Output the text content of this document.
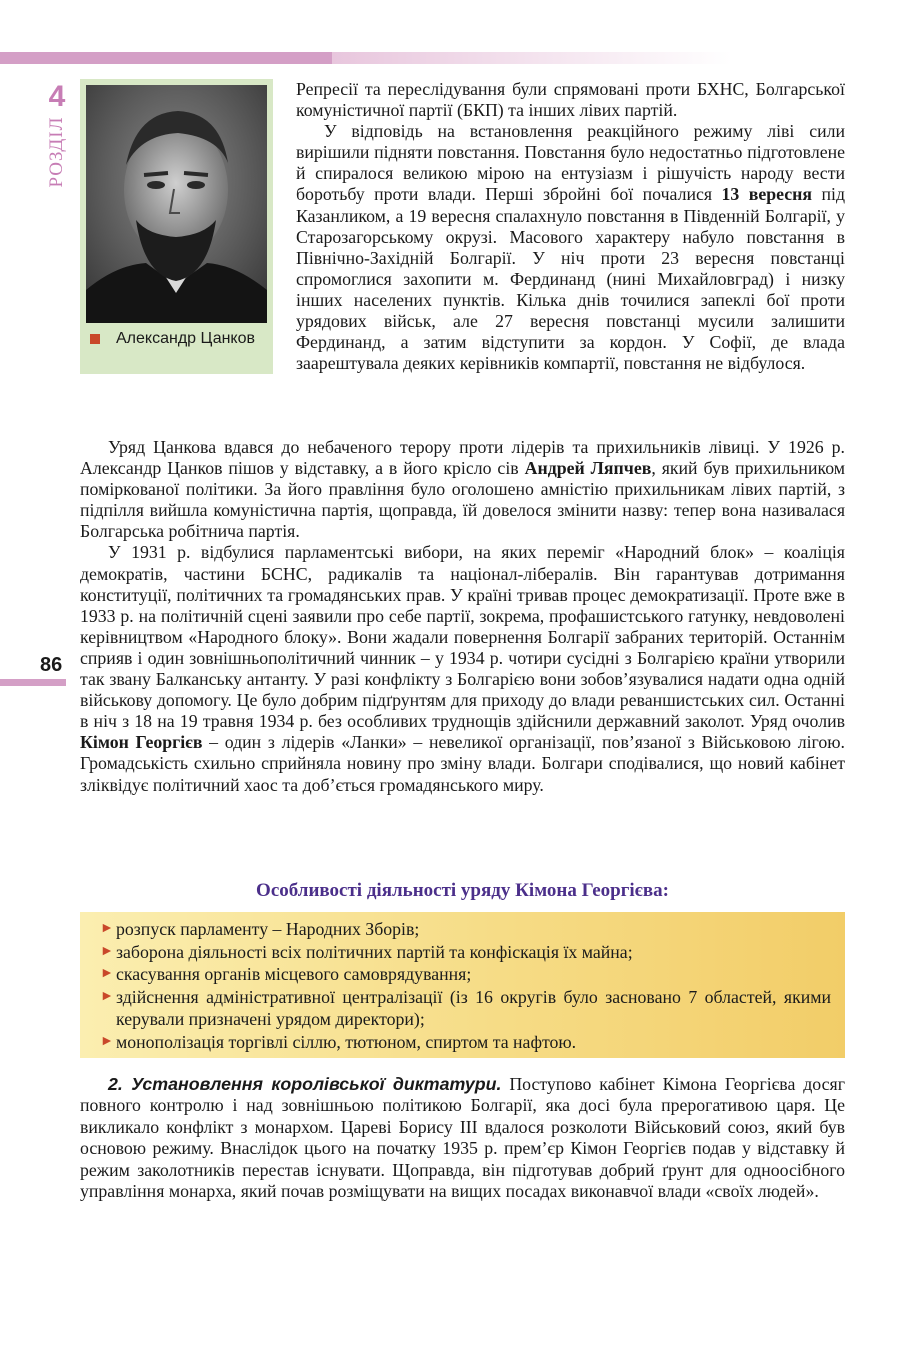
4
РОЗДІЛ
86
Александр Цанков

Репресії та переслідування були спрямовані проти БХНС, Болгарської комуністичної партії (БКП) та інших лівих партій.

У відповідь на встановлення реакційного режиму ліві сили вирішили підняти повстання. Повстання було недостатньо підготовлене й спиралося великою мірою на ентузіазм і рішучість народу вести боротьбу проти влади. Перші збройні бої почалися 13 вересня під Казанликом, а 19 вересня спалахнуло повстання в Південній Болгарії, у Старозагорському окрузі. Масового характеру набуло повстання в Північно-Західній Болгарії. У ніч проти 23 вересня повстанці спромоглися захопити м. Фердинанд (нині Михайловград) і низку інших населених пунктів. Кілька днів точилися запеклі бої проти урядових військ, але 27 вересня повстанці мусили залишити Фердинанд, а затим відступити за кордон. У Софії, де влада заарештувала деяких керівників компартії, повстання не відбулося.

Особливості діяльності уряду Кімона Георгієва:
► розпуск парламенту – Народних Зборів;
► заборона діяльності всіх політичних партій та конфіскація їх майна;
► скасування органів місцевого самоврядування;
► здійснення адміністративної централізації (із 16 округів було засновано 7 областей, якими керували призначені урядом директори);
► монополізація торгівлі сіллю, тютюном, спиртом та нафтою.

2. Установлення королівської диктатури. Поступово кабінет Кімона Георгієва досяг повного контролю і над зовнішньою політикою Болгарії, яка досі була прерогативою царя. Це викликало конфлікт з монархом. Цареві Борису ІІІ вдалося розколоти Військовий союз, який був основою режиму. Внаслідок цього на початку 1935 р. прем’єр Кімон Георгієв подав у відставку й режим заколотників перестав існувати. Щоправда, він підготував добрий ґрунт для одноосібного управління монарха, який почав розміщувати на вищих посадах виконавчої влади «своїх людей».

Уряд Цанкова вдався до небаченого терору проти лідерів та прихильників лівиці. У 1926 р. Александр Цанков пішов у відставку, а в його крісло сів Андрей Ляпчев, який був прихильником поміркованої політики. За його правління було оголошено амністію прихильникам лівих партій, з підпілля вийшла комуністична партія, щоправда, їй довелося змінити назву: тепер вона називалася Болгарська робітнича партія.

У 1931 р. відбулися парламентські вибори, на яких переміг «Народний блок» – коаліція демократів, частини БСНС, радикалів та націонал-лібералів. Він гарантував дотримання конституції, політичних та громадянських прав. У країні тривав процес демократизації. Проте вже в 1933 р. на політичній сцені заявили про себе партії, зокрема, профашистського гатунку, невдоволені керівництвом «Народного блоку». Вони жадали повернення Болгарії забраних територій. Останнім сприяв і один зовнішньополітичний чинник – у 1934 р. чотири сусідні з Болгарією країни утворили так звану Балканську антанту. У разі конфлікту з Болгарією вони зобов’язувалися надати одна одній військову допомогу. Це було добрим підґрунтям для приходу до влади реваншистських сил. Останні в ніч з 18 на 19 травня 1934 р. без особливих труднощів здійснили державний заколот. Уряд очолив Кімон Георгієв – один з лідерів «Ланки» – невеликої організації, пов’язаної з Військовою лігою. Громадськість схильно сприйняла новину про зміну влади. Болгари сподівалися, що новий кабінет зліквідує політичний хаос та доб’ється громадянського миру.
